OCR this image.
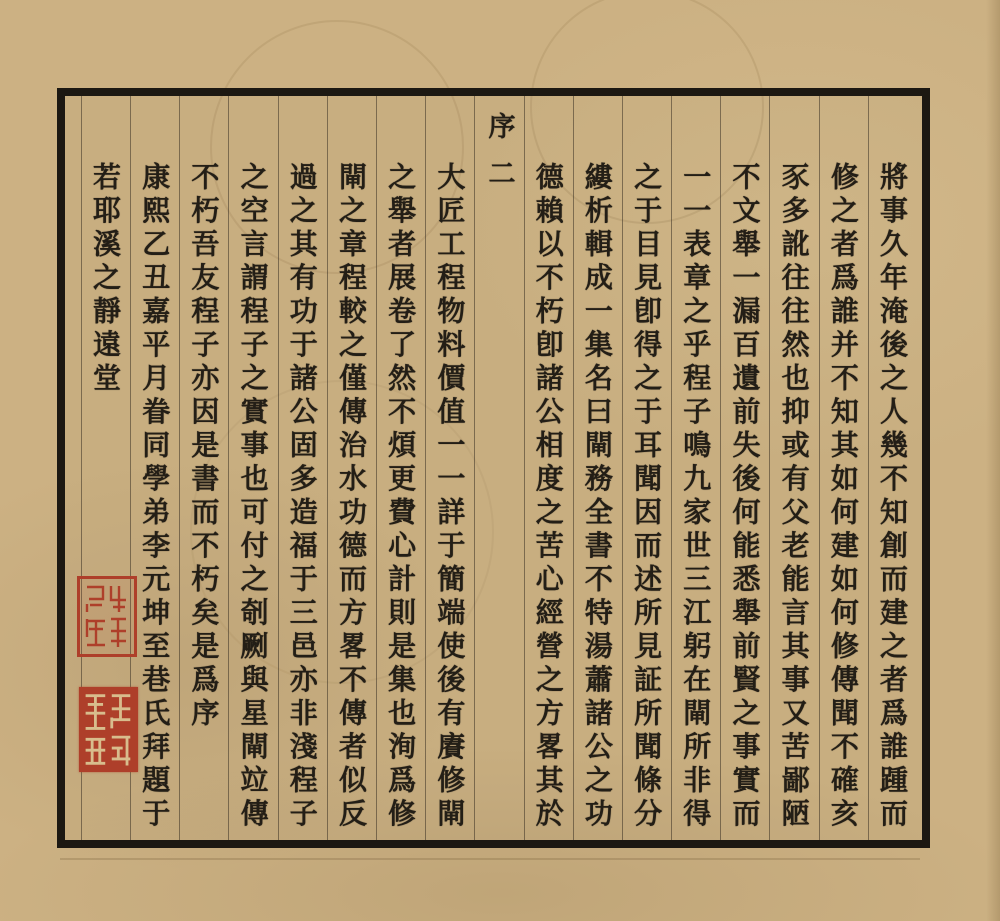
將事久年淹後之人幾不知創而建之者爲誰踵而
修之者爲誰并不知其如何建如何修傳聞不確亥
豕多訛往往然也抑或有父老能言其事又苦鄙陋
不文舉一漏百遺前失後何能悉舉前賢之事實而
一一表章之乎程子鳴九家世三江躬在閘所非得
之于目見卽得之于耳聞因而述所見証所聞條分
縷析輯成一集名曰閘務全書不特湯蕭諸公之功
德賴以不朽卽諸公相度之苦心經營之方畧其於
序二
大匠工程物料價值一一詳于簡端使後有賡修閘
之舉者展卷了然不煩更費心計則是集也洵爲修
閘之章程較之僅傳治水功德而方畧不傳者似反
過之其有功于諸公固多造福于三邑亦非淺程子
之空言謂程子之實事也可付之剞劂與星閘竝傳
不朽吾友程子亦因是書而不朽矣是爲序
康熙乙丑嘉平月眷同學弟李元坤至巷氏拜題于
若耶溪之靜遠堂
